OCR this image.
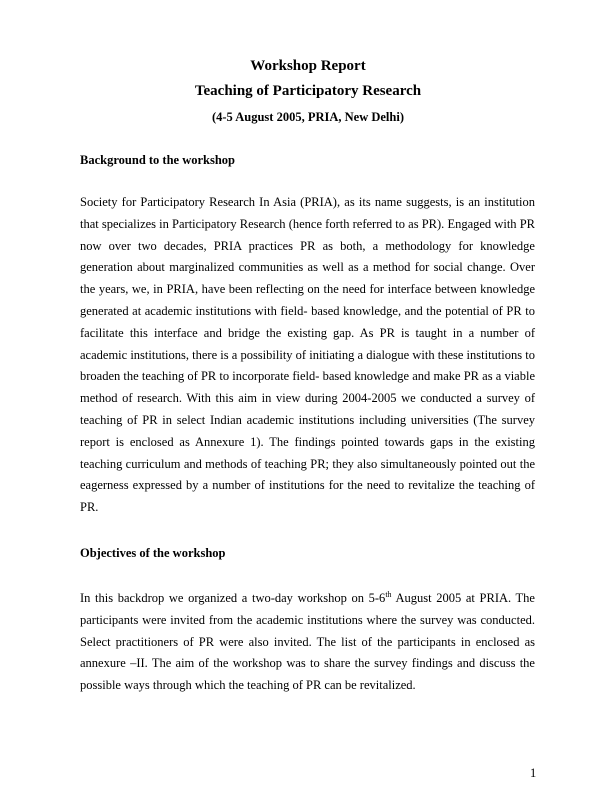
Workshop Report
Teaching of Participatory Research
(4-5 August 2005, PRIA, New Delhi)
Background to the workshop

Society for Participatory Research In Asia (PRIA), as its name suggests, is an institution that specializes in Participatory Research (hence forth referred to as PR). Engaged with PR now over two decades, PRIA practices PR as both, a methodology for knowledge generation about marginalized communities as well as a method for social change. Over the years, we, in PRIA, have been reflecting on the need for interface between knowledge generated at academic institutions with field- based knowledge, and the potential of PR to facilitate this interface and bridge the existing gap. As PR is taught in a number of academic institutions, there is a possibility of initiating a dialogue with these institutions to broaden the teaching of PR to incorporate field- based knowledge and make PR as a viable method of research. With this aim in view during 2004-2005 we conducted a survey of teaching of PR in select Indian academic institutions including universities (The survey report is enclosed as Annexure 1). The findings pointed towards gaps in the existing teaching curriculum and methods of teaching PR; they also simultaneously pointed out the eagerness expressed by a number of institutions for the need to revitalize the teaching of PR.

Objectives of the workshop

In this backdrop we organized a two-day workshop on 5-6th August 2005 at PRIA. The participants were invited from the academic institutions where the survey was conducted. Select practitioners of PR were also invited. The list of the participants in enclosed as annexure –II. The aim of the workshop was to share the survey findings and discuss the possible ways through which the teaching of PR can be revitalized.

1
